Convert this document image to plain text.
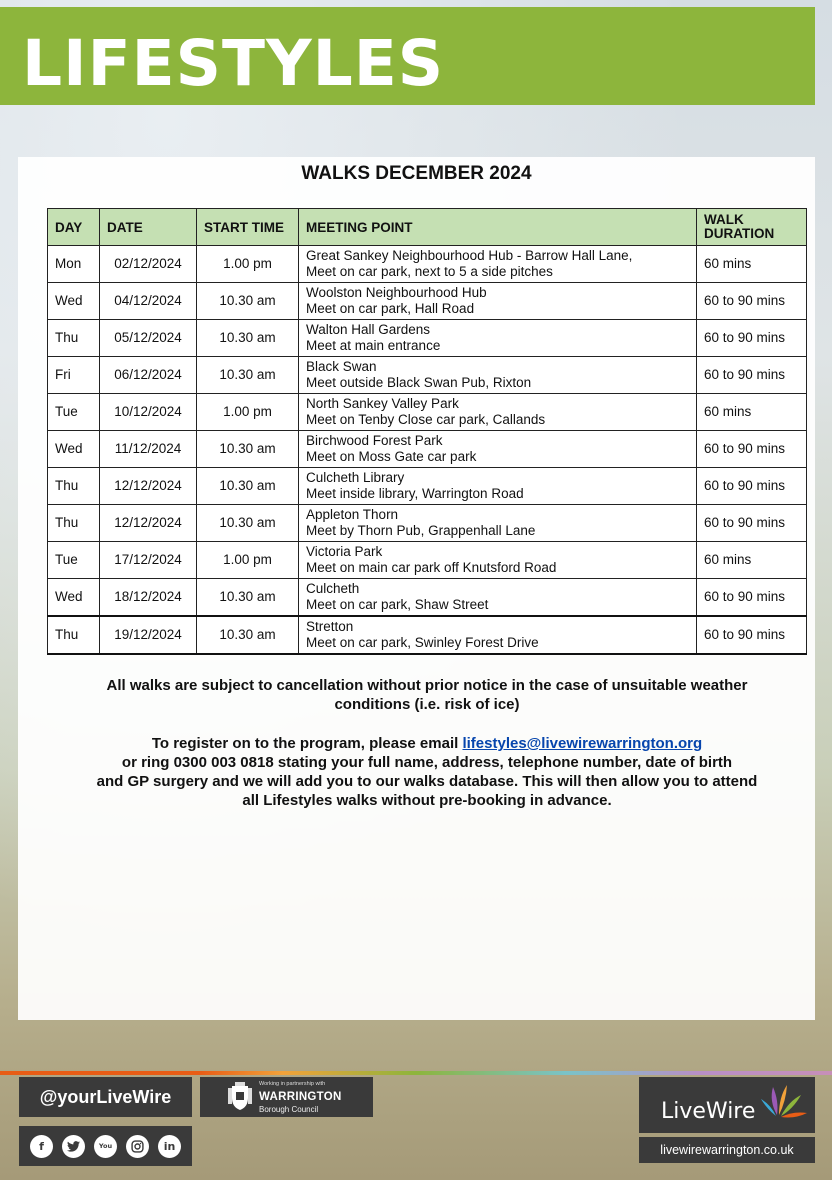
LIFESTYLES
WALKS DECEMBER 2024
DAY	DATE	START TIME	MEETING POINT	WALK DURATION
Mon	02/12/2024	1.00 pm	Great Sankey Neighbourhood Hub - Barrow Hall Lane,
Meet on car park, next to 5 a side pitches	60 mins
Wed	04/12/2024	10.30 am	Woolston Neighbourhood Hub
Meet on car park, Hall Road	60 to 90 mins
Thu	05/12/2024	10.30 am	Walton Hall Gardens
Meet at main entrance	60 to 90 mins
Fri	06/12/2024	10.30 am	Black Swan
Meet outside Black Swan Pub, Rixton	60 to 90 mins
Tue	10/12/2024	1.00 pm	North Sankey Valley Park
Meet on Tenby Close car park, Callands	60 mins
Wed	11/12/2024	10.30 am	Birchwood Forest Park
Meet on Moss Gate car park	60 to 90 mins
Thu	12/12/2024	10.30 am	Culcheth Library
Meet inside library, Warrington Road	60 to 90 mins
Thu	12/12/2024	10.30 am	Appleton Thorn
Meet by Thorn Pub, Grappenhall Lane	60 to 90 mins
Tue	17/12/2024	1.00 pm	Victoria Park
Meet on main car park off Knutsford Road	60 mins
Wed	18/12/2024	10.30 am	Culcheth
Meet on car park, Shaw Street	60 to 90 mins
Thu	19/12/2024	10.30 am	Stretton
Meet on car park, Swinley Forest Drive	60 to 90 mins

All walks are subject to cancellation without prior notice in the case of unsuitable weather
conditions (i.e. risk of ice)

To register on to the program, please email lifestyles@livewirewarrington.org
or ring 0300 003 0818 stating your full name, address, telephone number, date of birth
and GP surgery and we will add you to our walks database. This will then allow you to attend
all Lifestyles walks without pre-booking in advance.

@yourLiveWire
f	You	in
Working in partnership with
WARRINGTON
Borough Council	LiveWire
livewirewarrington.co.uk
